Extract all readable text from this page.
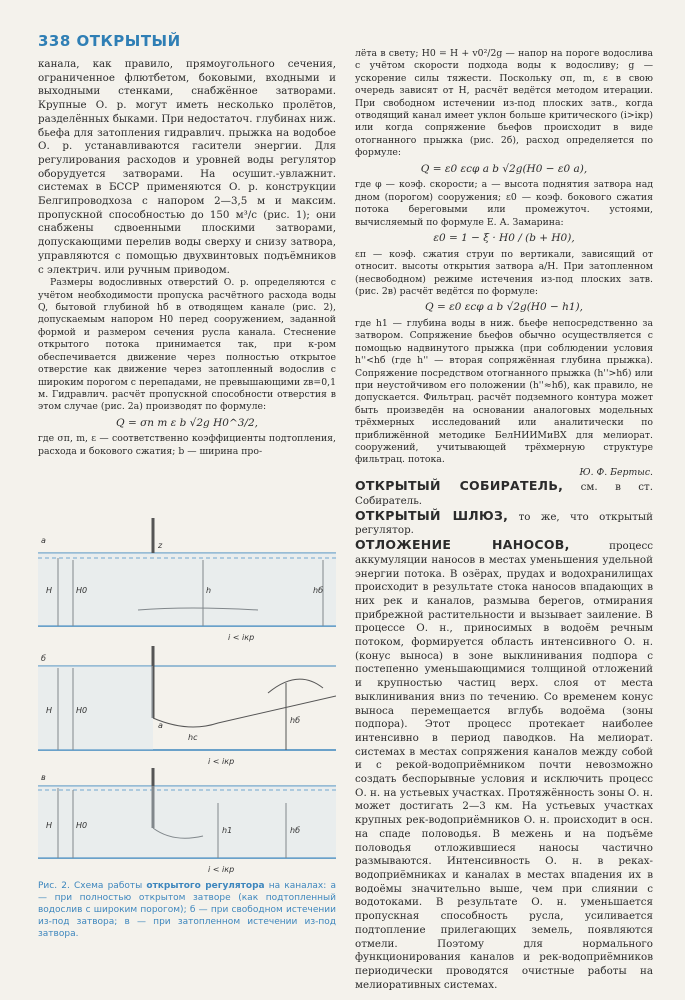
338 ОТКРЫТЫЙ

канала, как правило, прямоугольного сечения, ограниченное флютбетом, боковыми, входными и выходными стенками, снабжённое затворами. Крупные О. р. могут иметь несколько пролётов, разделённых быками. При недостаточ. глубинах ниж. бьефа для затопления гидравлич. прыжка на водобое О. р. устанавливаются гасители энергии. Для регулирования расходов и уровней воды регулятор оборудуется затворами. На осушит.-увлажнит. системах в БССР применяются О. р. конструкции Белгипроводхоза с напором 2—3,5 м и максим. пропускной способностью до 150 м³/с (рис. 1); они снабжены сдвоенными плоскими затворами, допускающими перелив воды сверху и снизу затвора, управляются с помощью двухвинтовых подъёмников с электрич. или ручным приводом.

Размеры водосливных отверстий О. р. определяются с учётом необходимости пропуска расчётного расхода воды Q, бытовой глубиной hб в отводящем канале (рис. 2), допускаемым напором H0 перед сооружением, заданной формой и размером сечения русла канала. Стеснение открытого потока принимается так, при к-ром обеспечивается движение через полностью открытое отверстие как движение через затопленный водослив с широким порогом с перепадами, не превышающими zв=0,1 м. Гидравлич. расчёт пропускной способности отверстия в этом случае (рис. 2а) производят по формуле:

Q = σп m ε b √2g H0^3/2,

где σп, m, ε — соответственно коэффициенты подтопления, расхода и бокового сжатия; b — ширина про-

а
б
в
i < iкр
i < iкр
i < iкр
H	H0	hб
h
H	H0
hб
H	H0
h1	hб
z
a
hc
Рис. 2. Схема работы открытого регулятора на каналах: а — при полностью открытом затворе (как подтопленный водослив с широким порогом); б — при свободном истечении из-под затвора; в — при затопленном истечении из-под затвора.

лёта в свету; H0 = H + v0²/2g — напор на пороге водослива с учётом скорости подхода воды к водосливу; g — ускорение силы тяжести. Поскольку σп, m, ε в свою очередь зависят от H, расчёт ведётся методом итерации. При свободном истечении из-под плоских затв., когда отводящий канал имеет уклон больше критического (i>iкр) или когда сопряжение бьефов происходит в виде отогнанного прыжка (рис. 2б), расход определяется по формуле:

Q = ε0 εсφ a b √2g(H0 − ε0 a),

где φ — коэф. скорости; a — высота поднятия затвора над дном (порогом) сооружения; ε0 — коэф. бокового сжатия потока береговыми или промежуточ. устоями, вычисляемый по формуле Е. А. Замарина:

ε0 = 1 − ξ · H0 / (b + H0),

εп — коэф. сжатия струи по вертикали, зависящий от относит. высоты открытия затвора a/H. При затопленном (несвободном) режиме истечения из-под плоских затв. (рис. 2в) расчёт ведётся по формуле:

Q = ε0 εсφ a b √2g(H0 − h1),

где h1 — глубина воды в ниж. бьефе непосредственно за затвором. Сопряжение бьефов обычно осуществляется с помощью надвинутого прыжка (при соблюдении условия h''<hб (где h'' — вторая сопряжённая глубина прыжка). Сопряжение посредством отогнанного прыжка (h''>hб) или при неустойчивом его положении (h''≈hб), как правило, не допускается. Фильтрац. расчёт подземного контура может быть произведён на основании аналоговых модельных трёхмерных исследований или аналитически по приближённой методике БелНИИМиВХ для мелиорат. сооружений, учитывающей трёхмерную структуре фильтрац. потока.

Ю. Ф. Бертыс.

ОТКРЫТЫЙ СОБИРАТЕЛЬ, см. в ст. Собиратель.

ОТКРЫТЫЙ ШЛЮЗ, то же, что открытый регулятор.

ОТЛОЖЕНИЕ НАНОСОВ,	процесс аккумуляции наносов в местах уменьшения удельной энергии потока. В озёрах, прудах и водохранилищах происходит в результате стока наносов впадающих в них рек и каналов, размыва берегов, отмирания прибрежной растительности и вызывает заиление. В процессе О. н., приносимых в водоём речным потоком, формируется область интенсивного О. н. (конус выноса) в зоне выклинивания подпора с постепенно уменьшающимися толщиной отложений и крупностью частиц верх. слоя от места выклинивания вниз по течению. Со временем конус выноса перемещается вглубь водоёма (зоны подпора). Этот процесс протекает наиболее интенсивно в период паводков. На мелиорат. системах в местах сопряжения каналов между собой и с рекой-водоприёмником почти невозможно создать беспорывные условия и исключить процесс О. н. на устьевых участках. Протяжённость зоны О. н. может достигать 2—3 км. На устьевых участках крупных рек-водоприёмников О. н. происходит в осн. на спаде половодья. В межень и на подъёме половодья отложившиеся наносы частично размываются. Интенсивность О. н. в реках-водоприёмниках и каналах в местах впадения их в водоёмы значительно выше, чем при слиянии с водотоками. В результате О. н. уменьшается пропускная способность русла, усиливается подтопление прилегающих земель, появляются отмели. Поэтому для нормального функционирования каналов и рек-водоприёмников периодически проводятся очистные работы на мелиоративных системах.
